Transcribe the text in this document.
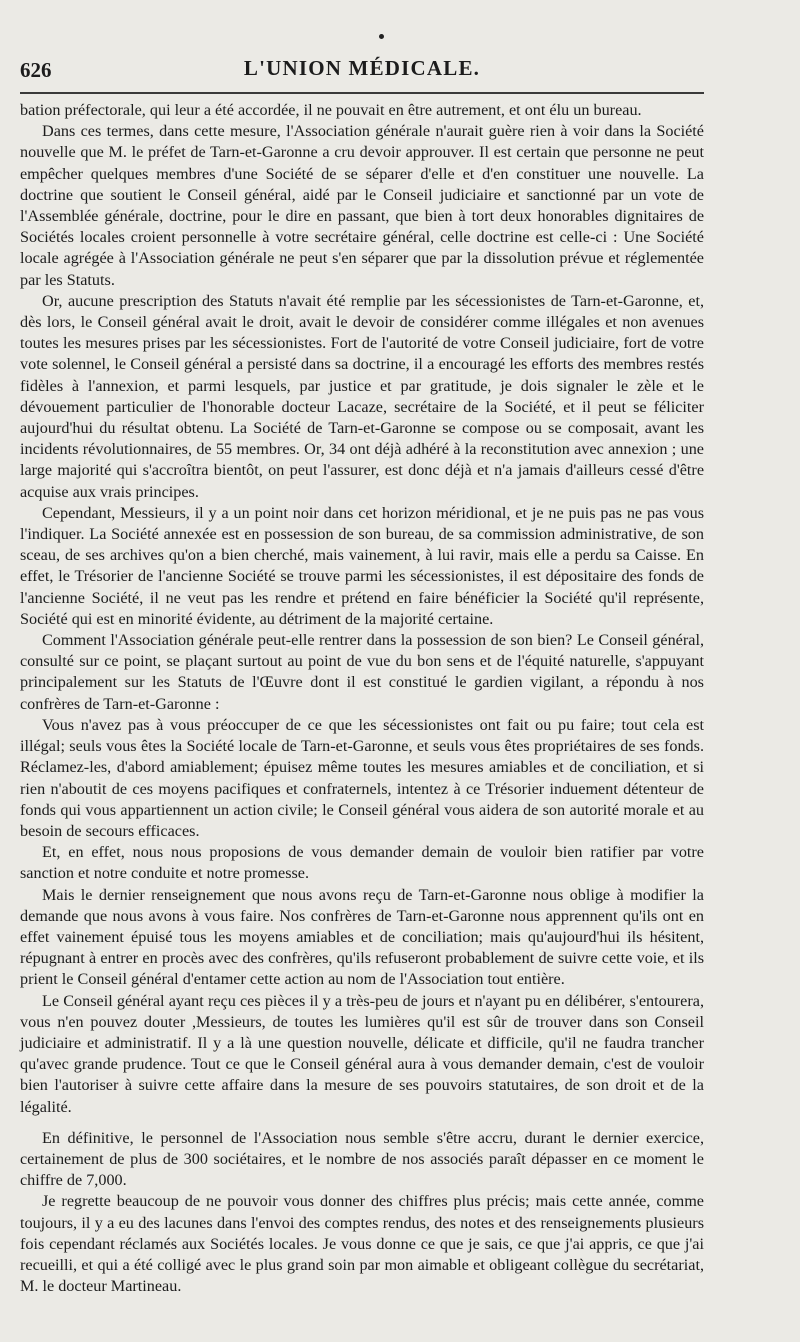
626	L'UNION MÉDICALE.

bation préfectorale, qui leur a été accordée, il ne pouvait en être autrement, et ont élu un bureau.

Dans ces termes, dans cette mesure, l'Association générale n'aurait guère rien à voir dans la Société nouvelle que M. le préfet de Tarn-et-Garonne a cru devoir approuver. Il est certain que personne ne peut empêcher quelques membres d'une Société de se séparer d'elle et d'en constituer une nouvelle. La doctrine que soutient le Conseil général, aidé par le Conseil judiciaire et sanctionné par un vote de l'Assemblée générale, doctrine, pour le dire en passant, que bien à tort deux honorables dignitaires de Sociétés locales croient personnelle à votre secrétaire général, celle doctrine est celle-ci : Une Société locale agrégée à l'Association générale ne peut s'en séparer que par la dissolution prévue et réglementée par les Statuts.

Or, aucune prescription des Statuts n'avait été remplie par les sécessionistes de Tarn-et-Garonne, et, dès lors, le Conseil général avait le droit, avait le devoir de considérer comme illégales et non avenues toutes les mesures prises par les sécessionistes. Fort de l'autorité de votre Conseil judiciaire, fort de votre vote solennel, le Conseil général a persisté dans sa doctrine, il a encouragé les efforts des membres restés fidèles à l'annexion, et parmi lesquels, par justice et par gratitude, je dois signaler le zèle et le dévouement particulier de l'honorable docteur Lacaze, secrétaire de la Société, et il peut se féliciter aujourd'hui du résultat obtenu. La Société de Tarn-et-Garonne se compose ou se composait, avant les incidents révolutionnaires, de 55 membres. Or, 34 ont déjà adhéré à la reconstitution avec annexion ; une large majorité qui s'accroîtra bientôt, on peut l'assurer, est donc déjà et n'a jamais d'ailleurs cessé d'être acquise aux vrais principes.

Cependant, Messieurs, il y a un point noir dans cet horizon méridional, et je ne puis pas ne pas vous l'indiquer. La Société annexée est en possession de son bureau, de sa commission administrative, de son sceau, de ses archives qu'on a bien cherché, mais vainement, à lui ravir, mais elle a perdu sa Caisse. En effet, le Trésorier de l'ancienne Société se trouve parmi les sécessionistes, il est dépositaire des fonds de l'ancienne Société, il ne veut pas les rendre et prétend en faire bénéficier la Société qu'il représente, Société qui est en minorité évidente, au détriment de la majorité certaine.

Comment l'Association générale peut-elle rentrer dans la possession de son bien? Le Conseil général, consulté sur ce point, se plaçant surtout au point de vue du bon sens et de l'équité naturelle, s'appuyant principalement sur les Statuts de l'Œuvre dont il est constitué le gardien vigilant, a répondu à nos confrères de Tarn-et-Garonne :

Vous n'avez pas à vous préoccuper de ce que les sécessionistes ont fait ou pu faire; tout cela est illégal; seuls vous êtes la Société locale de Tarn-et-Garonne, et seuls vous êtes propriétaires de ses fonds. Réclamez-les, d'abord amiablement; épuisez même toutes les mesures amiables et de conciliation, et si rien n'aboutit de ces moyens pacifiques et confraternels, intentez à ce Trésorier induement détenteur de fonds qui vous appartiennent un action civile; le Conseil général vous aidera de son autorité morale et au besoin de secours efficaces.

Et, en effet, nous nous proposions de vous demander demain de vouloir bien ratifier par votre sanction et notre conduite et notre promesse.

Mais le dernier renseignement que nous avons reçu de Tarn-et-Garonne nous oblige à modifier la demande que nous avons à vous faire. Nos confrères de Tarn-et-Garonne nous apprennent qu'ils ont en effet vainement épuisé tous les moyens amiables et de conciliation; mais qu'aujourd'hui ils hésitent, répugnant à entrer en procès avec des confrères, qu'ils refuseront probablement de suivre cette voie, et ils prient le Conseil général d'entamer cette action au nom de l'Association tout entière.

Le Conseil général ayant reçu ces pièces il y a très-peu de jours et n'ayant pu en délibérer, s'entourera, vous n'en pouvez douter ,Messieurs, de toutes les lumières qu'il est sûr de trouver dans son Conseil judiciaire et administratif. Il y a là une question nouvelle, délicate et difficile, qu'il ne faudra trancher qu'avec grande prudence. Tout ce que le Conseil général aura à vous demander demain, c'est de vouloir bien l'autoriser à suivre cette affaire dans la mesure de ses pouvoirs statutaires, de son droit et de la légalité.

En définitive, le personnel de l'Association nous semble s'être accru, durant le dernier exercice, certainement de plus de 300 sociétaires, et le nombre de nos associés paraît dépasser en ce moment le chiffre de 7,000.

Je regrette beaucoup de ne pouvoir vous donner des chiffres plus précis; mais cette année, comme toujours, il y a eu des lacunes dans l'envoi des comptes rendus, des notes et des renseignements plusieurs fois cependant réclamés aux Sociétés locales. Je vous donne ce que je sais, ce que j'ai appris, ce que j'ai recueilli, et qui a été colligé avec le plus grand soin par mon aimable et obligeant collègue du secrétariat, M. le docteur Martineau.
